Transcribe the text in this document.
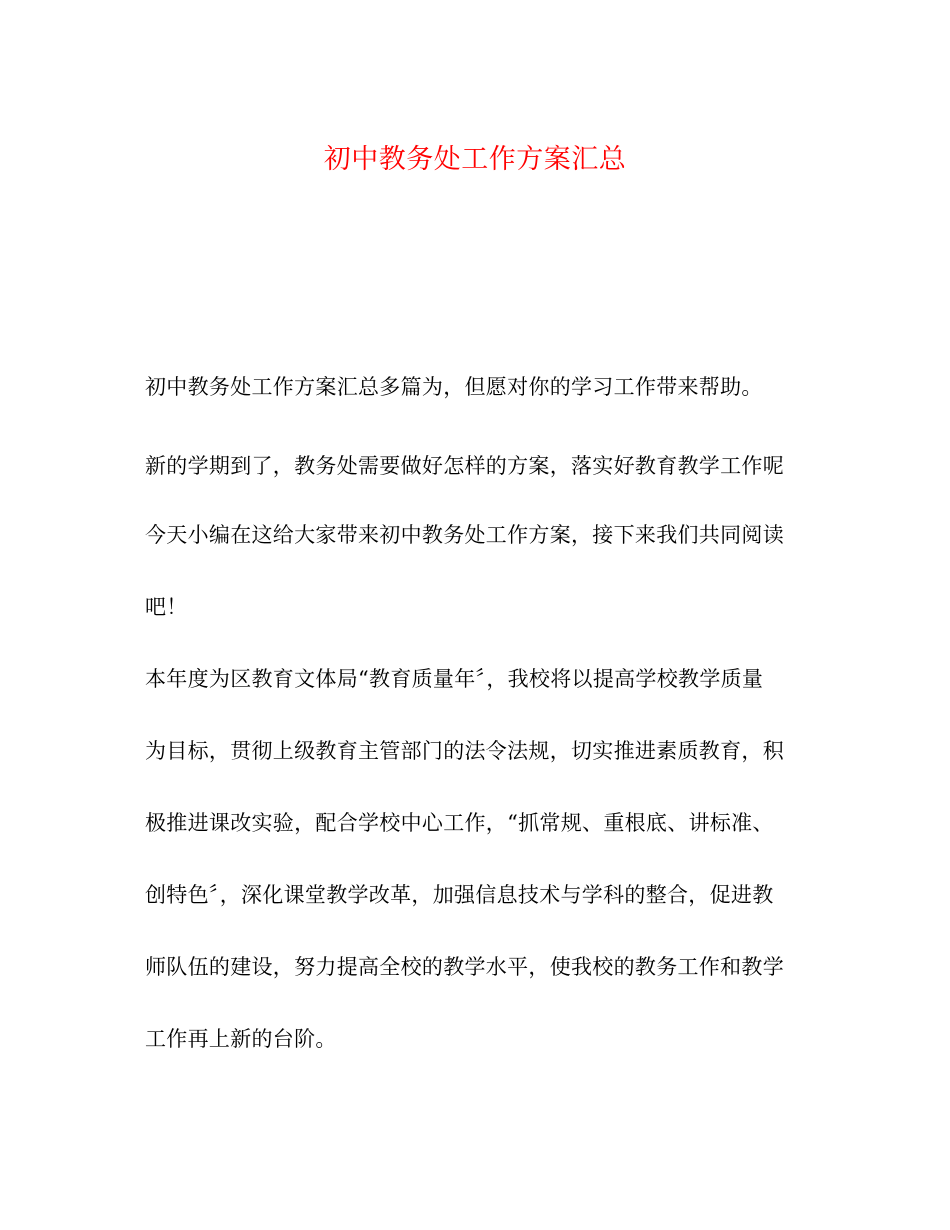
初中教务处工作方案汇总
初中教务处工作方案汇总多篇为，但愿对你的学习工作带来帮助。
新的学期到了，教务处需要做好怎样的方案，落实好教育教学工作呢
今天小编在这给大家带来初中教务处工作方案，接下来我们共同阅读
吧！
本年度为区教育文体局“教育质量年〞，我校将以提高学校教学质量
为目标，贯彻上级教育主管部门的法令法规，切实推进素质教育，积
极推进课改实验，配合学校中心工作，“抓常规、重根底、讲标准、
创特色〞，深化课堂教学改革，加强信息技术与学科的整合，促进教
师队伍的建设，努力提高全校的教学水平，使我校的教务工作和教学
工作再上新的台阶。
